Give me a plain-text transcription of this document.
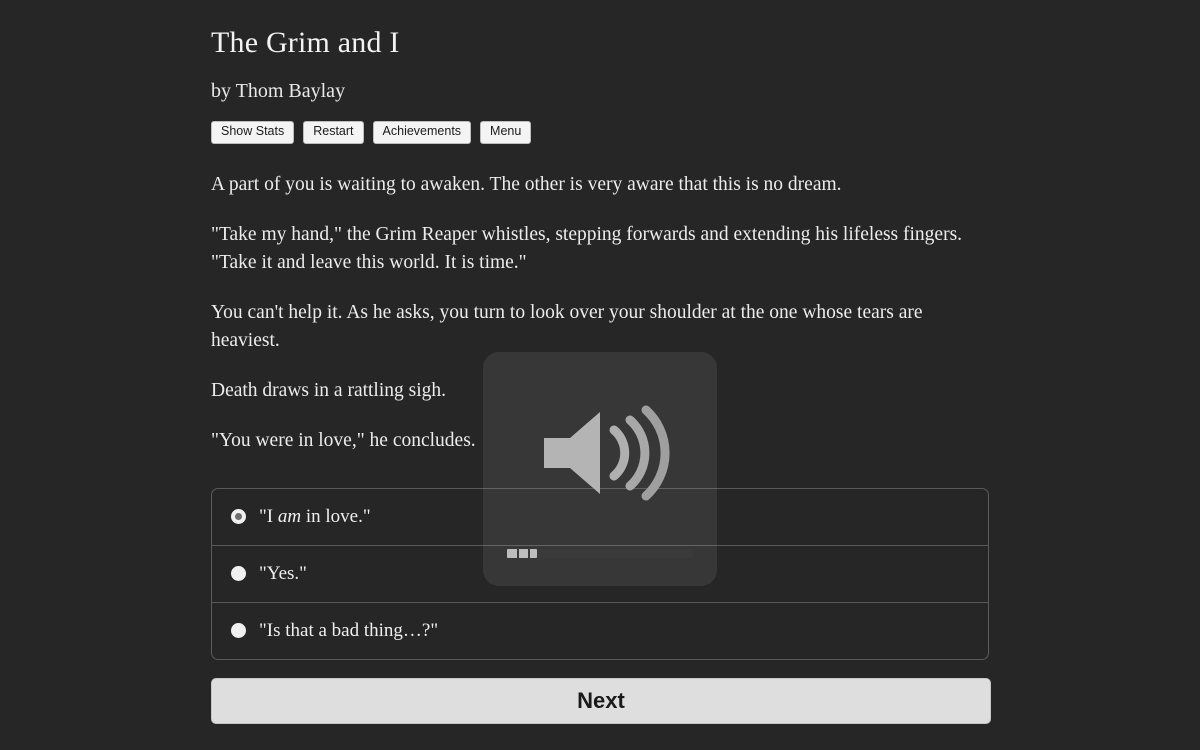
The Grim and I
by Thom Baylay
Show Stats	Restart	Achievements	Menu

A part of you is waiting to awaken. The other is very aware that this is no dream.

"Take my hand," the Grim Reaper whistles, stepping forwards and extending his lifeless fingers. "Take it and leave this world. It is time."

You can't help it. As he asks, you turn to look over your shoulder at the one whose tears are heaviest.

Death draws in a rattling sigh.

"You were in love," he concludes.

"I am in love."
"Yes."
"Is that a bad thing…?"
Next
